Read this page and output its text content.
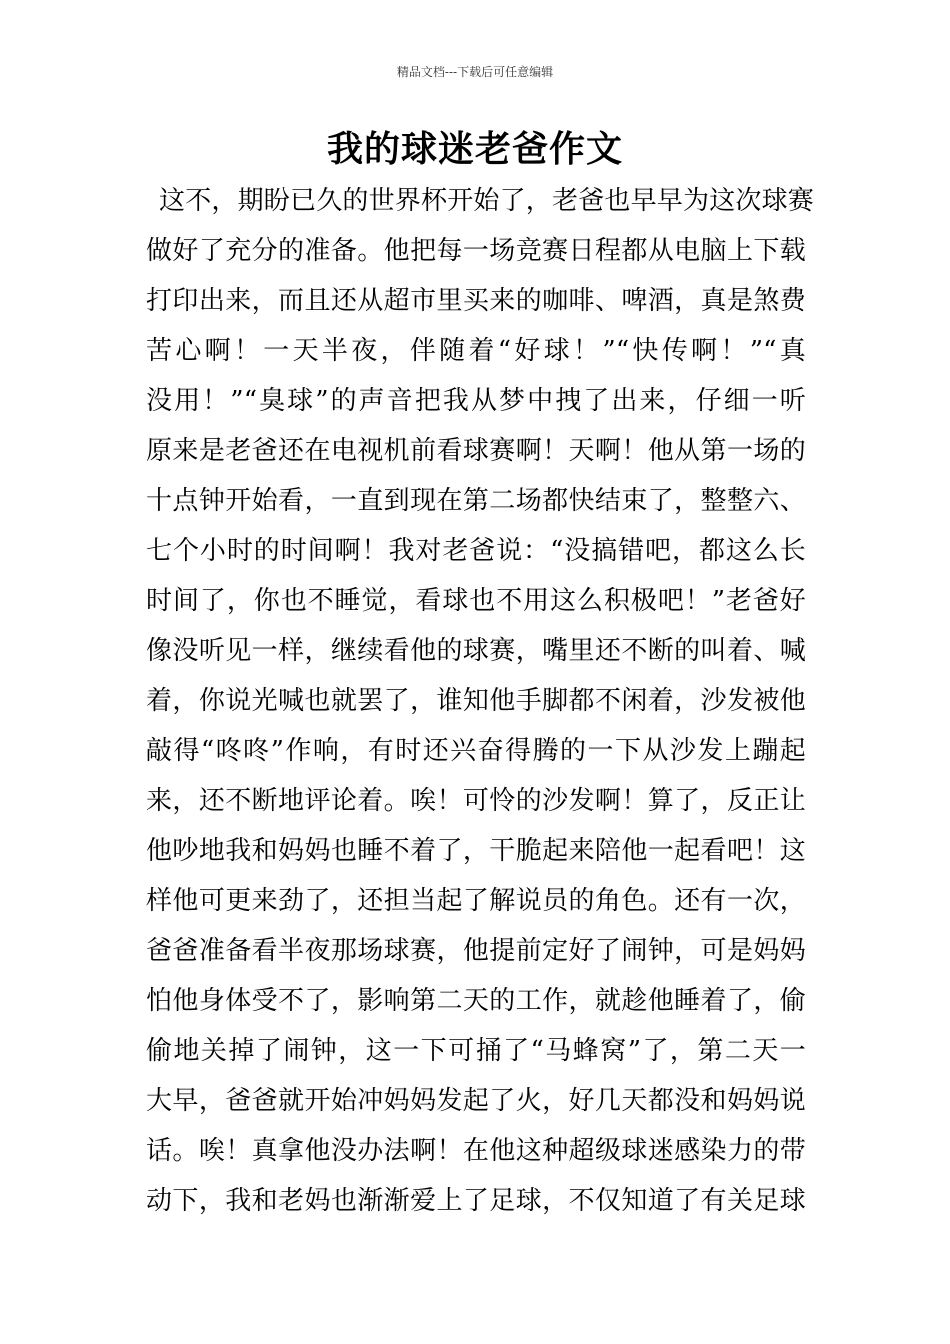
精品文档---下载后可任意编辑
我的球迷老爸作文
这不，期盼已久的世界杯开始了，老爸也早早为这次球赛
做好了充分的准备。他把每一场竞赛日程都从电脑上下载
打印出来，而且还从超市里买来的咖啡、啤酒，真是煞费
苦心啊！一天半夜，伴随着“好球！”“快传啊！”“真
没用！”“臭球”的声音把我从梦中拽了出来，仔细一听
原来是老爸还在电视机前看球赛啊！天啊！他从第一场的
十点钟开始看，一直到现在第二场都快结束了，整整六、
七个小时的时间啊！我对老爸说：“没搞错吧，都这么长
时间了，你也不睡觉，看球也不用这么积极吧！”老爸好
像没听见一样，继续看他的球赛，嘴里还不断的叫着、喊
着，你说光喊也就罢了，谁知他手脚都不闲着，沙发被他
敲得“咚咚”作响，有时还兴奋得腾的一下从沙发上蹦起
来，还不断地评论着。唉！可怜的沙发啊！算了，反正让
他吵地我和妈妈也睡不着了，干脆起来陪他一起看吧！这
样他可更来劲了，还担当起了解说员的角色。还有一次，
爸爸准备看半夜那场球赛，他提前定好了闹钟，可是妈妈
怕他身体受不了，影响第二天的工作，就趁他睡着了，偷
偷地关掉了闹钟，这一下可捅了“马蜂窝”了，第二天一
大早，爸爸就开始冲妈妈发起了火，好几天都没和妈妈说
话。唉！真拿他没办法啊！在他这种超级球迷感染力的带
动下，我和老妈也渐渐爱上了足球，不仅知道了有关足球
